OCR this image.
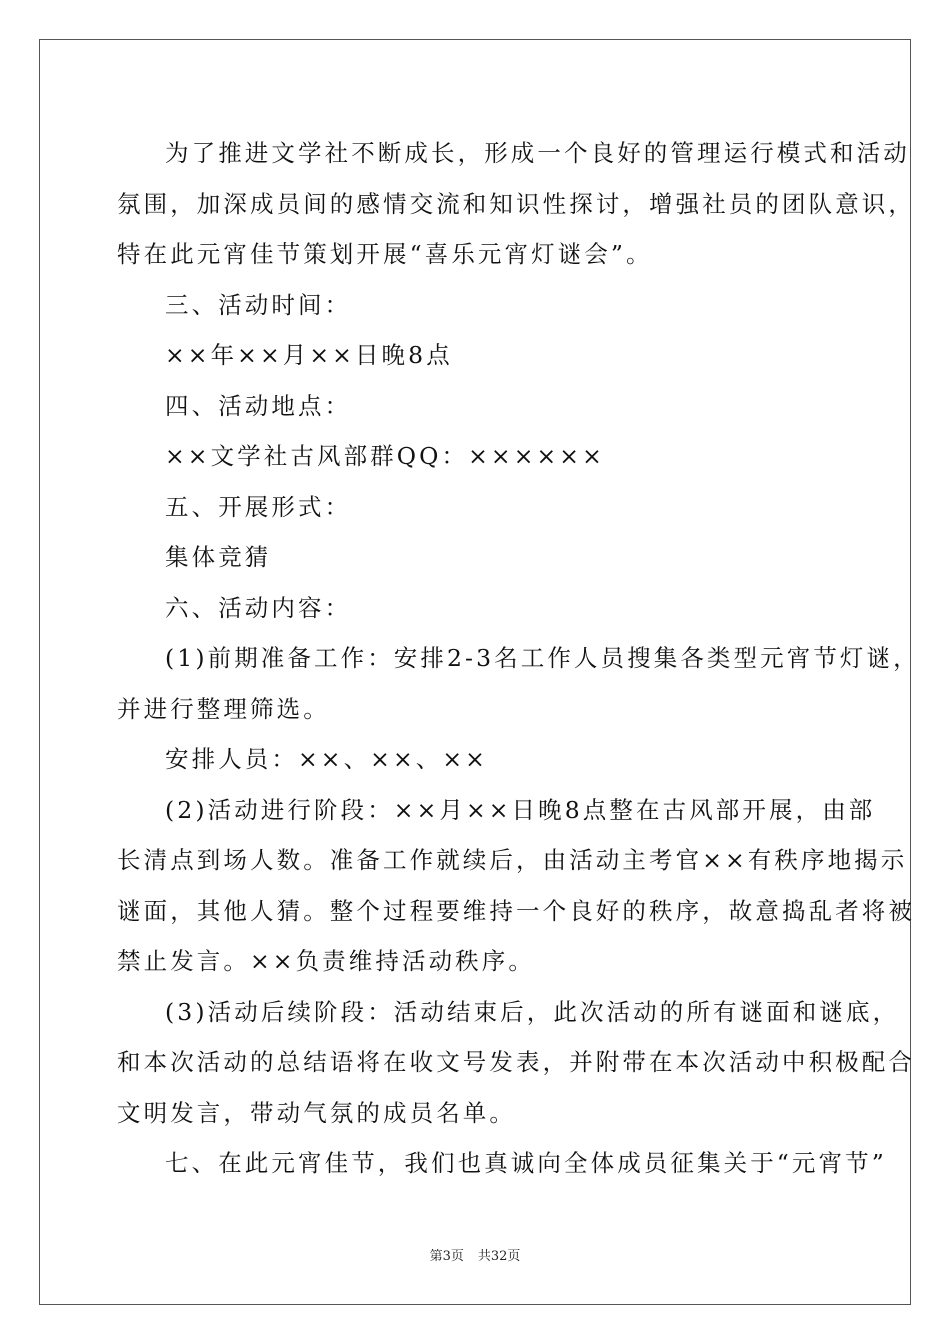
为了推进文学社不断成长，形成一个良好的管理运行模式和活动

氛围，加深成员间的感情交流和知识性探讨，增强社员的团队意识，

特在此元宵佳节策划开展“喜乐元宵灯谜会”。

三、活动时间：

××年××月××日晚8点

四、活动地点：

××文学社古风部群QQ：××××××

五、开展形式：

集体竞猜

六、活动内容：

(1)前期准备工作：安排2-3名工作人员搜集各类型元宵节灯谜，

并进行整理筛选。

安排人员：××、××、××

(2)活动进行阶段：××月××日晚8点整在古风部开展，由部

长清点到场人数。准备工作就续后，由活动主考官××有秩序地揭示

谜面，其他人猜。整个过程要维持一个良好的秩序，故意捣乱者将被

禁止发言。××负责维持活动秩序。

(3)活动后续阶段：活动结束后，此次活动的所有谜面和谜底，

和本次活动的总结语将在收文号发表，并附带在本次活动中积极配合

文明发言，带动气氛的成员名单。

七、在此元宵佳节，我们也真诚向全体成员征集关于“元宵节”

第3页 共32页
